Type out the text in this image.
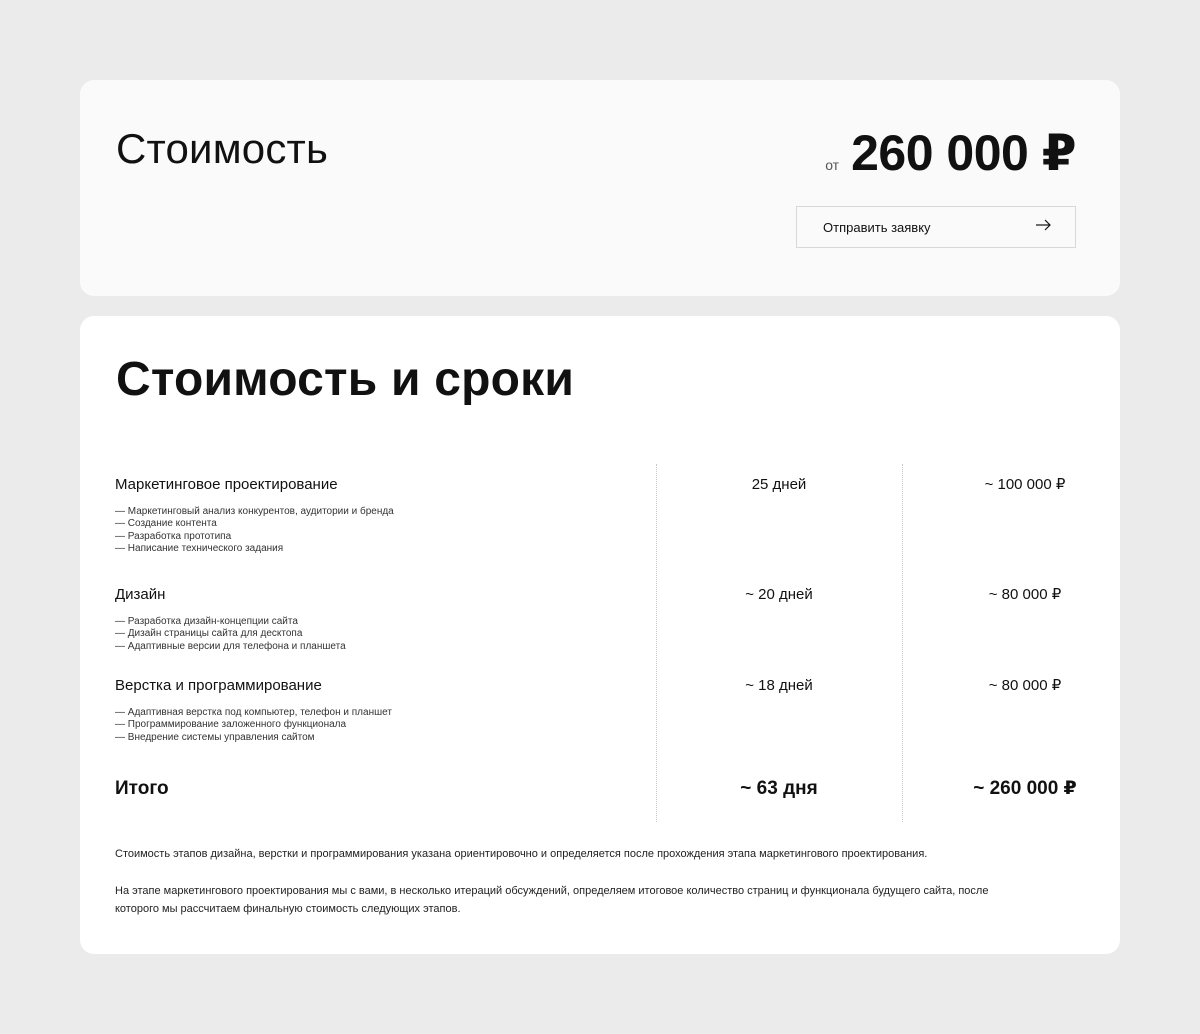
Стоимость	от 260 000 ₽
Отправить заявку
Стоимость и сроки
Маркетинговое проектирование
— Маркетинговый анализ конкурентов, аудитории и бренда
— Создание контента
— Разработка прототипа
— Написание технического задания
25 дней	~ 100 000 ₽
Дизайн
— Разработка дизайн-концепции сайта
— Дизайн страницы сайта для десктопа
— Адаптивные версии для телефона и планшета
~ 20 дней	~ 80 000 ₽
Верстка и программирование
— Адаптивная верстка под компьютер, телефон и планшет
— Программирование заложенного функционала
— Внедрение системы управления сайтом
~ 18 дней	~ 80 000 ₽
Итого	~ 63 дня	~ 260 000 ₽

Стоимость этапов дизайна, верстки и программирования указана ориентировочно и определяется после прохождения этапа маркетингового проектирования.

На этапе маркетингового проектирования мы с вами, в несколько итераций обсуждений, определяем итоговое количество страниц и функционала будущего сайта, после которого мы рассчитаем финальную стоимость следующих этапов.
